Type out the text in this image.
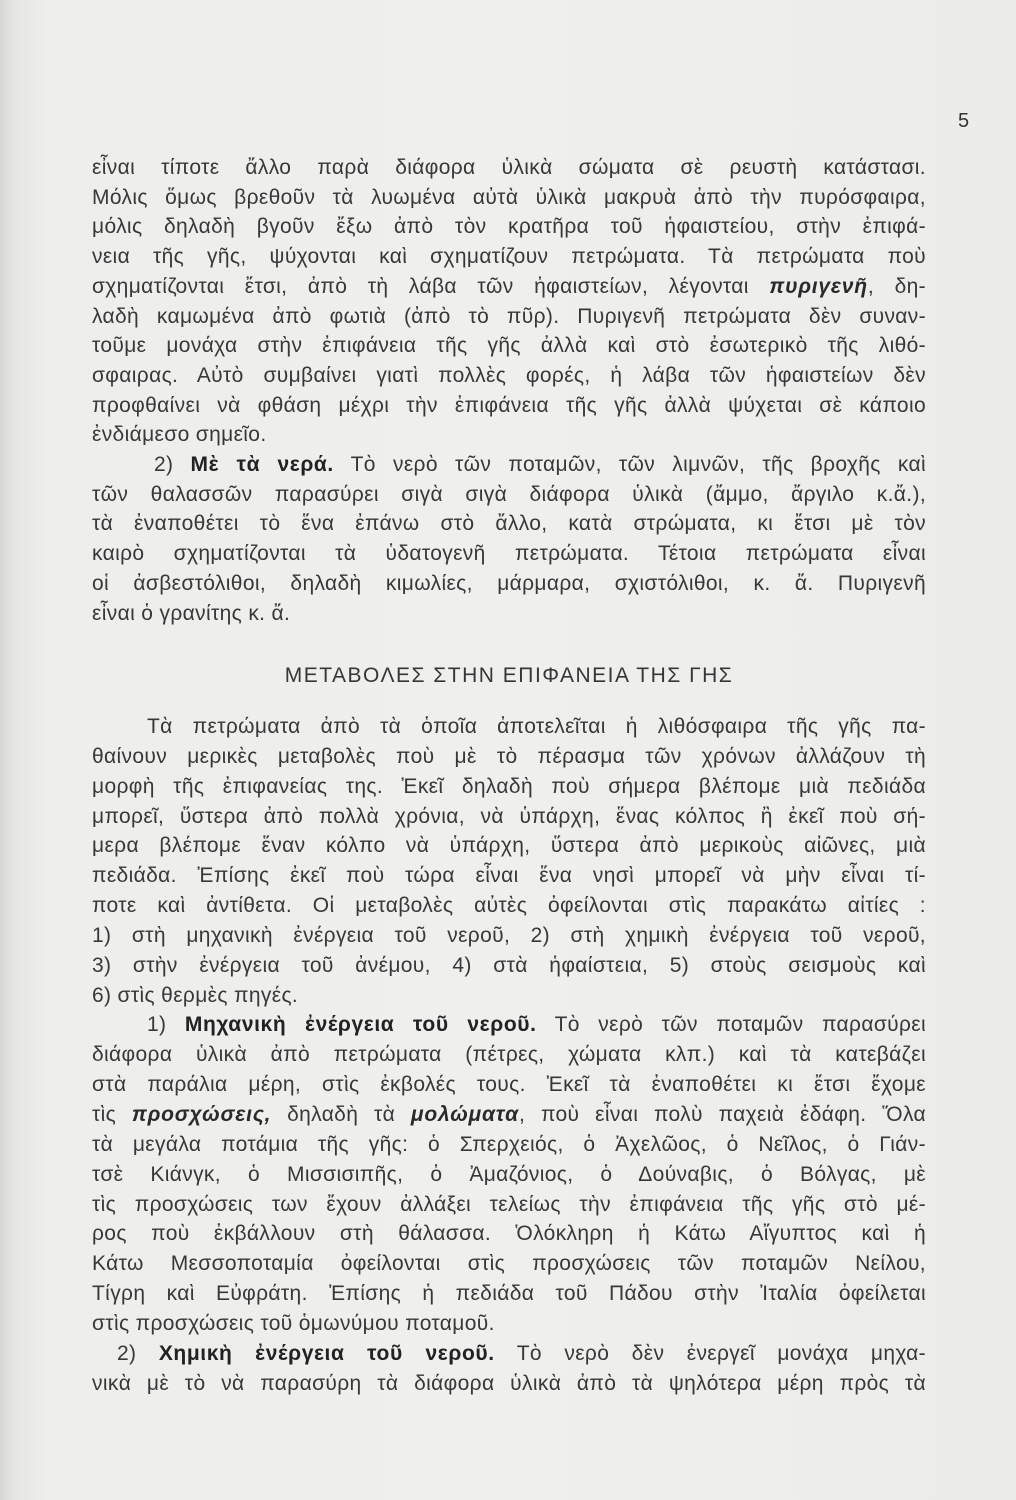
5
εἶναι τίποτε ἄλλο παρὰ διάφορα ὑλικὰ σώματα σὲ ρευστὴ κατάστασι.
Μόλις ὅμως βρεθοῦν τὰ λυωμένα αὐτὰ ὑλικὰ μακρυὰ ἀπὸ τὴν πυρόσφαιρα,
μόλις δηλαδὴ βγοῦν ἔξω ἀπὸ τὸν κρατῆρα τοῦ ἡφαιστείου, στὴν ἐπιφά-
νεια τῆς γῆς, ψύχονται καὶ σχηματίζουν πετρώματα. Τὰ πετρώματα ποὺ
σχηματίζονται ἔτσι, ἀπὸ τὴ λάβα τῶν ἡφαιστείων, λέγονται πυριγενῆ, δη-
λαδὴ καμωμένα ἀπὸ φωτιὰ (ἀπὸ τὸ πῦρ). Πυριγενῆ πετρώματα δὲν συναν-
τοῦμε μονάχα στὴν ἐπιφάνεια τῆς γῆς ἀλλὰ καὶ στὸ ἐσωτερικὸ τῆς λιθό-
σφαιρας. Αὐτὸ συμβαίνει γιατὶ πολλὲς φορές, ἡ λάβα τῶν ἡφαιστείων δὲν
προφθαίνει νὰ φθάση μέχρι τὴν ἐπιφάνεια τῆς γῆς ἀλλὰ ψύχεται σὲ κάποιο
ἐνδιάμεσο σημεῖο.
2) Μὲ τὰ νερά. Τὸ νερὸ τῶν ποταμῶν, τῶν λιμνῶν, τῆς βροχῆς καὶ
τῶν θαλασσῶν παρασύρει σιγὰ σιγὰ διάφορα ὑλικὰ (ἄμμο, ἄργιλο κ.ἄ.),
τὰ ἐναποθέτει τὸ ἕνα ἐπάνω στὸ ἄλλο, κατὰ στρώματα, κι ἔτσι μὲ τὸν
καιρὸ σχηματίζονται τὰ ὑδατογενῆ πετρώματα. Τέτοια πετρώματα εἶναι
οἱ ἀσβεστόλιθοι, δηλαδὴ κιμωλίες, μάρμαρα, σχιστόλιθοι, κ. ἄ. Πυριγενῆ
εἶναι ὁ γρανίτης κ. ἄ.
ΜΕΤΑΒΟΛΕΣ ΣΤΗΝ ΕΠΙΦΑΝΕΙΑ ΤΗΣ ΓΗΣ
Τὰ πετρώματα ἀπὸ τὰ ὁποῖα ἀποτελεῖται ἡ λιθόσφαιρα τῆς γῆς πα-
θαίνουν μερικὲς μεταβολὲς ποὺ μὲ τὸ πέρασμα τῶν χρόνων ἀλλάζουν τὴ
μορφὴ τῆς ἐπιφανείας της. Ἐκεῖ δηλαδὴ ποὺ σήμερα βλέπομε μιὰ πεδιάδα
μπορεῖ, ὕστερα ἀπὸ πολλὰ χρόνια, νὰ ὑπάρχη, ἕνας κόλπος ἢ ἐκεῖ ποὺ σή-
μερα βλέπομε ἕναν κόλπο νὰ ὑπάρχη, ὕστερα ἀπὸ μερικοὺς αἰῶνες, μιὰ
πεδιάδα. Ἐπίσης ἐκεῖ ποὺ τώρα εἶναι ἕνα νησὶ μπορεῖ νὰ μὴν εἶναι τί-
ποτε καὶ ἀντίθετα. Οἱ μεταβολὲς αὐτὲς ὀφείλονται στὶς παρακάτω αἰτίες :
1) στὴ μηχανικὴ ἐνέργεια τοῦ νεροῦ, 2) στὴ χημικὴ ἐνέργεια τοῦ νεροῦ,
3) στὴν ἐνέργεια τοῦ ἀνέμου, 4) στὰ ἡφαίστεια, 5) στοὺς σεισμοὺς καὶ
6) στὶς θερμὲς πηγές.
1) Μηχανικὴ ἐνέργεια τοῦ νεροῦ. Τὸ νερὸ τῶν ποταμῶν παρασύρει
διάφορα ὑλικὰ ἀπὸ πετρώματα (πέτρες, χώματα κλπ.) καὶ τὰ κατεβάζει
στὰ παράλια μέρη, στὶς ἐκβολές τους. Ἐκεῖ τὰ ἐναποθέτει κι ἔτσι ἔχομε
τὶς προσχώσεις, δηλαδὴ τὰ μολώματα, ποὺ εἶναι πολὺ παχειὰ ἐδάφη. Ὅλα
τὰ μεγάλα ποτάμια τῆς γῆς: ὁ Σπερχειός, ὁ Ἀχελῶος, ὁ Νεῖλος, ὁ Γιάν-
τσὲ Κιάνγκ, ὁ Μισσισιπῆς, ὁ Ἀμαζόνιος, ὁ Δούναβις, ὁ Βόλγας, μὲ
τὶς προσχώσεις των ἔχουν ἀλλάξει τελείως τὴν ἐπιφάνεια τῆς γῆς στὸ μέ-
ρος ποὺ ἐκβάλλουν στὴ θάλασσα. Ὁλόκληρη ἡ Κάτω Αἴγυπτος καὶ ἡ
Κάτω Μεσσοποταμία ὀφείλονται στὶς προσχώσεις τῶν ποταμῶν Νείλου,
Τίγρη καὶ Εὐφράτη. Ἐπίσης ἡ πεδιάδα τοῦ Πάδου στὴν Ἰταλία ὀφείλεται
στὶς προσχώσεις τοῦ ὁμωνύμου ποταμοῦ.
2) Χημικὴ ἐνέργεια τοῦ νεροῦ. Τὸ νερὸ δὲν ἐνεργεῖ μονάχα μηχα-
νικὰ μὲ τὸ νὰ παρασύρη τὰ διάφορα ὑλικὰ ἀπὸ τὰ ψηλότερα μέρη πρὸς τὰ
